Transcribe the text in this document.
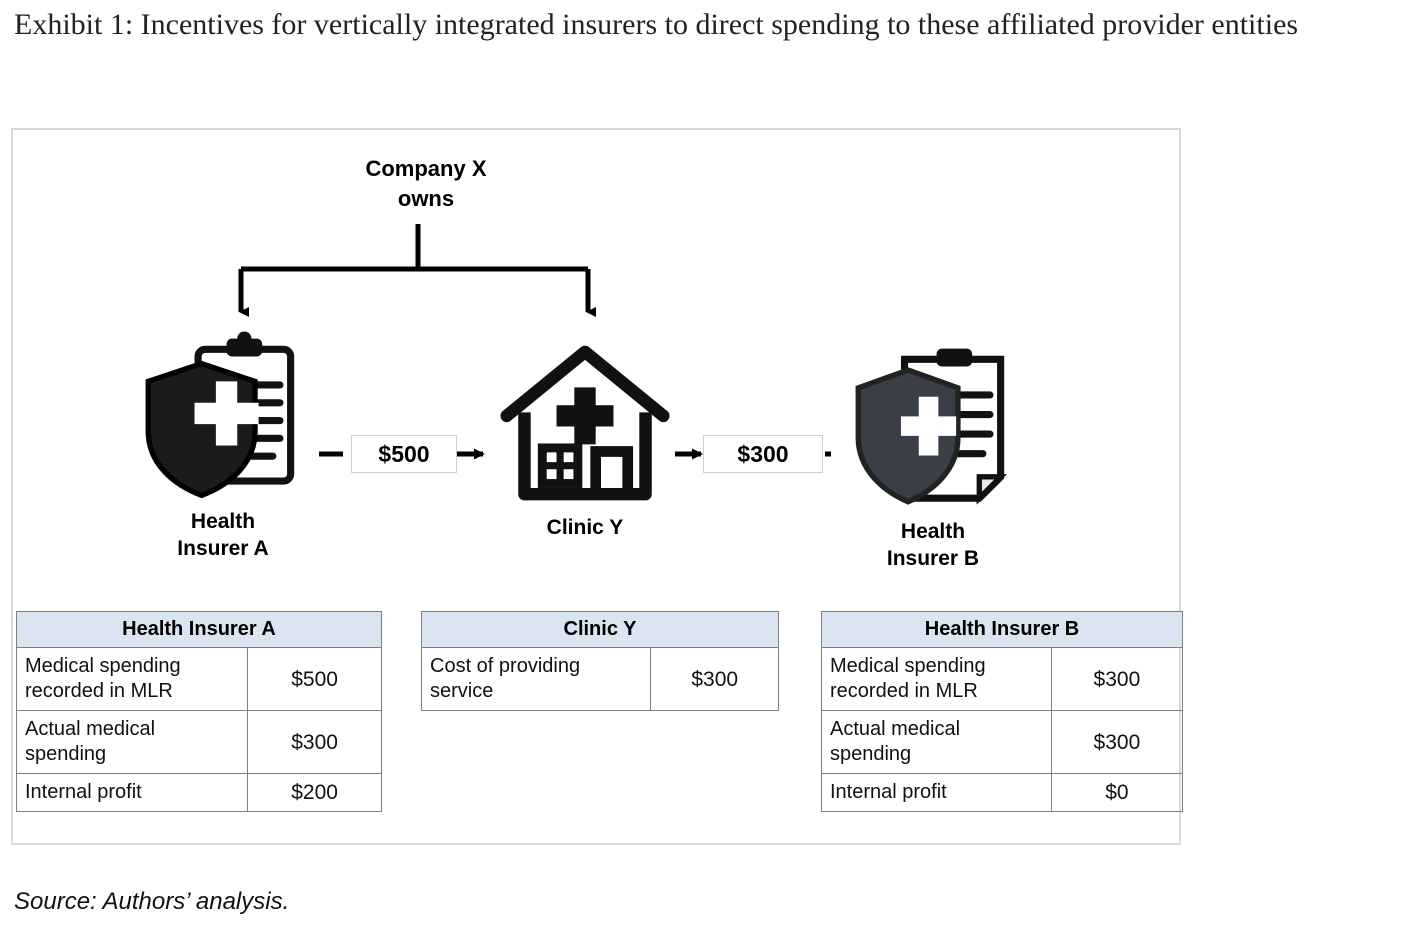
Exhibit 1: Incentives for vertically integrated insurers to direct spending to these affiliated provider entities
Company X
owns
$500	$300
Health
Insurer A
Clinic Y	Health
Insurer B
Health Insurer A	
Medical spending recorded in MLR	$500
Actual medical spending	$300
Internal profit	$200
Clinic Y
Cost of providing service	$300
Health Insurer B	
Medical spending recorded in MLR	$300
Actual medical spending	$300
Internal profit	$0
Source: Authors’ analysis.
